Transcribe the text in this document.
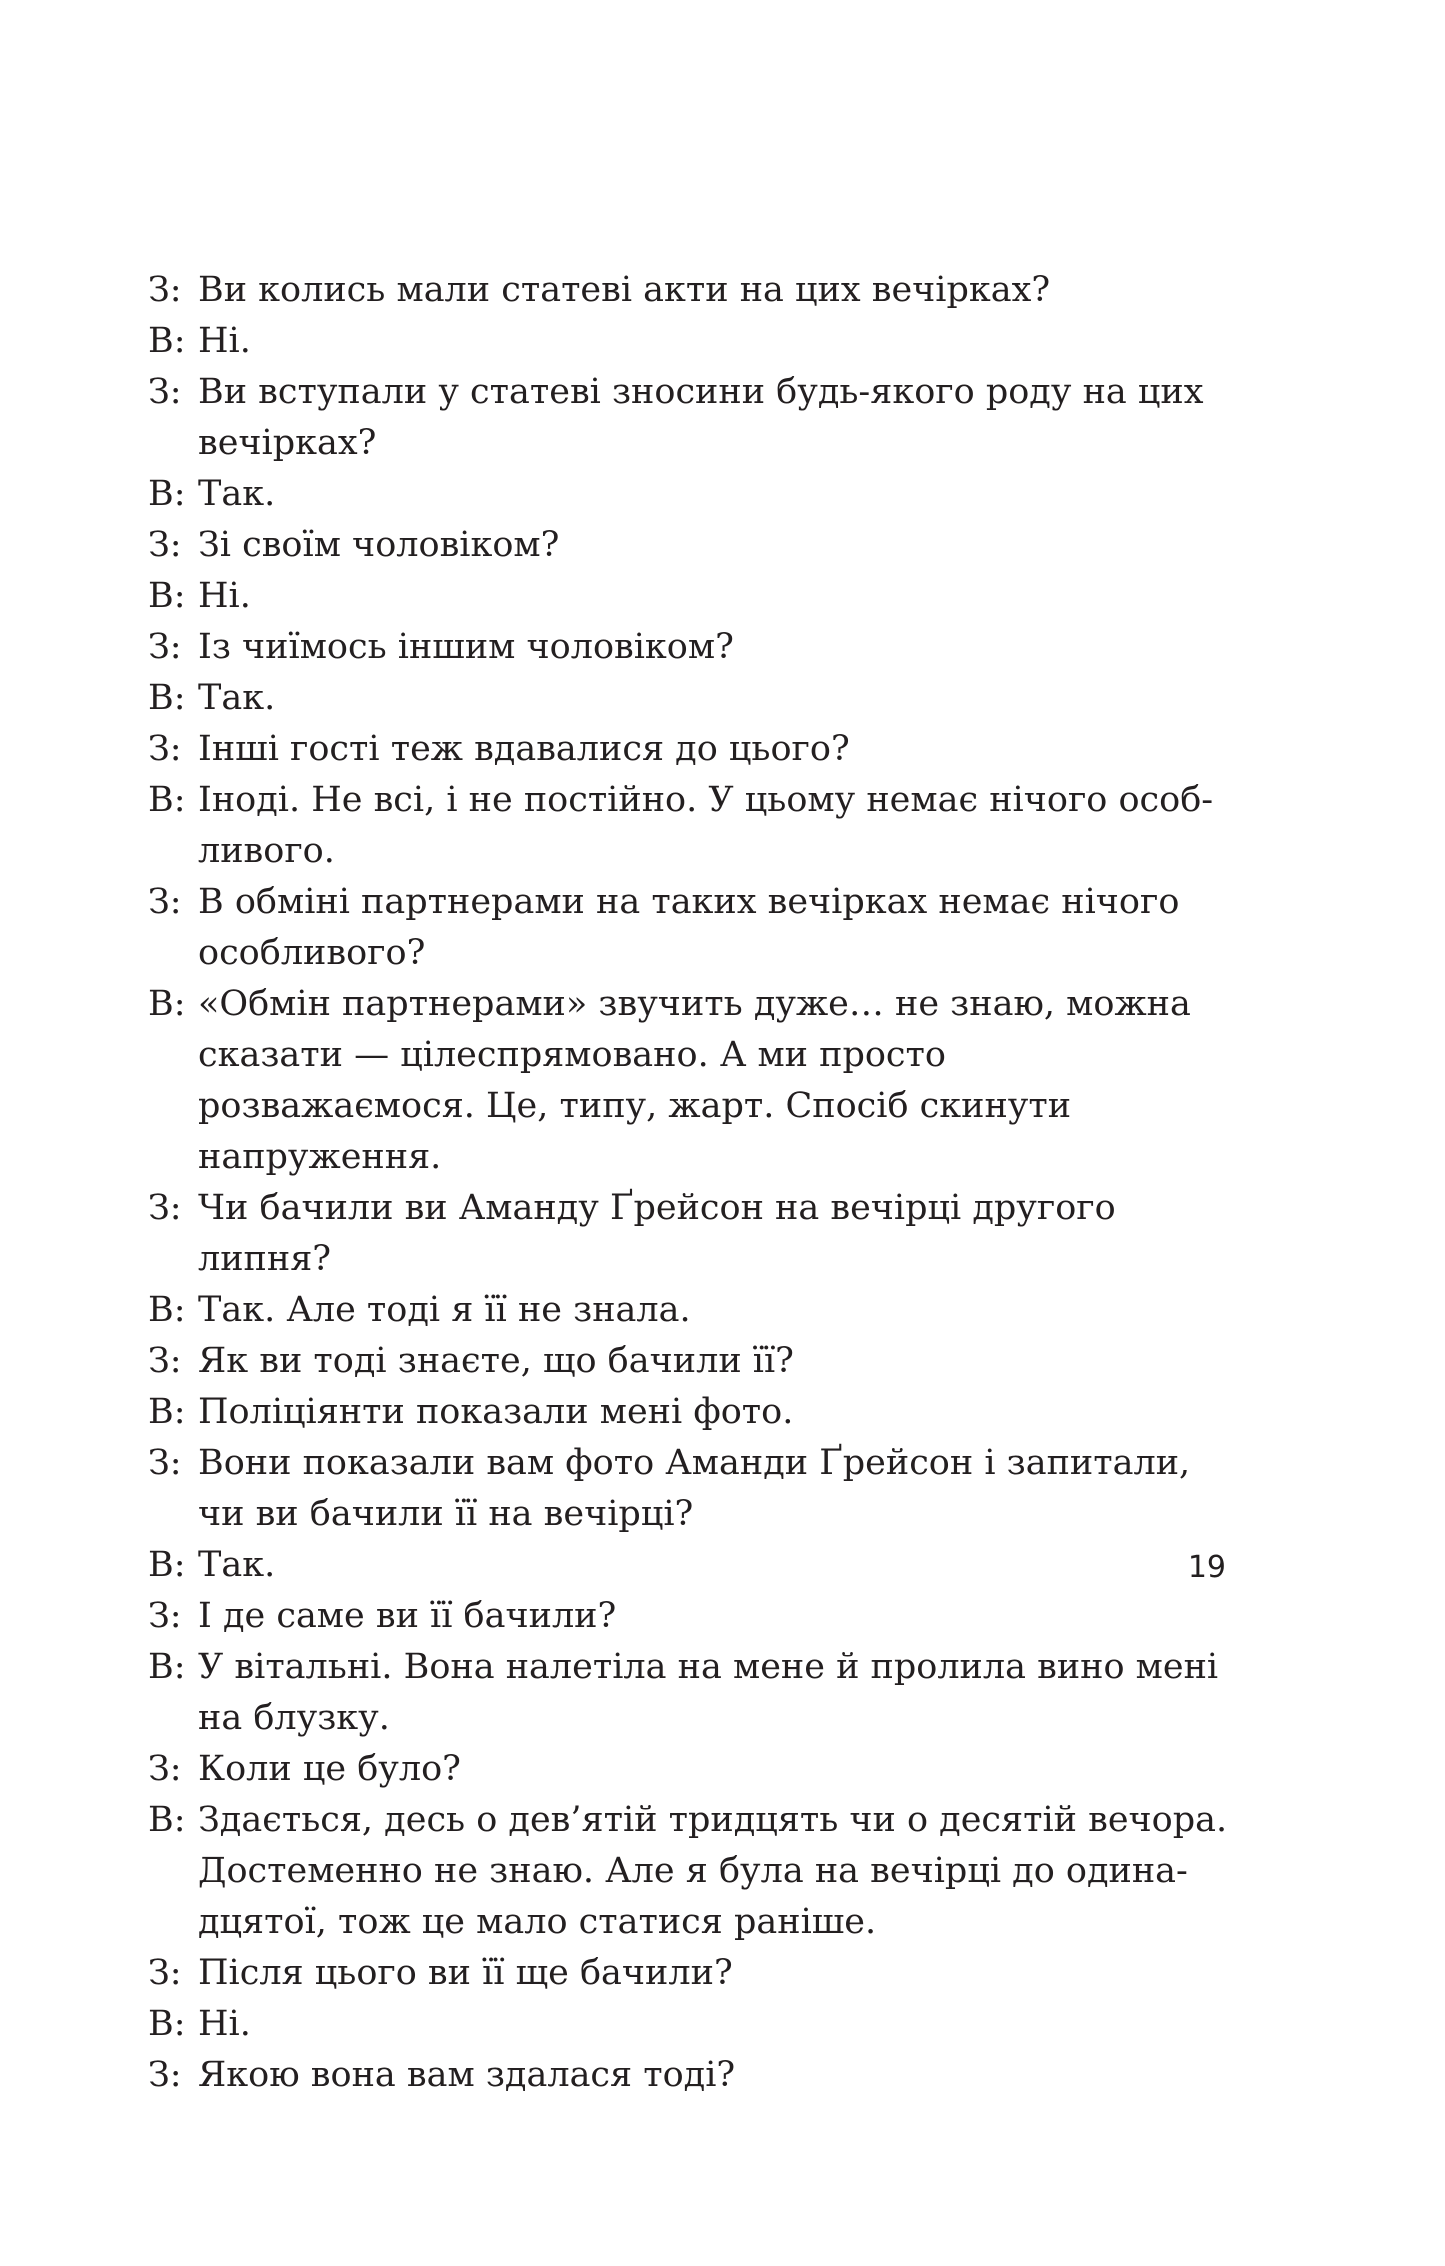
З: Ви колись мали статеві акти на цих вечірках?
В: Ні.
З: Ви вступали у статеві зносини будь-якого роду на цих вечірках?
В: Так.
З: Зі своїм чоловіком?
В: Ні.
З: Із чиїмось іншим чоловіком?
В: Так.
З: Інші гості теж вдавалися до цього?
В: Іноді. Не всі, і не постійно. У цьому немає нічого особливого.
З: В обміні партнерами на таких вечірках немає нічого особливого?
В: «Обмін партнерами» звучить дуже… не знаю, можна сказати — цілеспрямовано. А ми просто розважаємося. Це, типу, жарт. Спосіб скинути напруження.
З: Чи бачили ви Аманду Ґрейсон на вечірці другого липня?
В: Так. Але тоді я її не знала.
З: Як ви тоді знаєте, що бачили її?
В: Поліціянти показали мені фото.
З: Вони показали вам фото Аманди Ґрейсон і запитали, чи ви бачили її на вечірці?
В: Так.
З: І де саме ви її бачили?
В: У вітальні. Вона налетіла на мене й пролила вино мені на блузку.
З: Коли це було?
В: Здається, десь о дев’ятій тридцять чи о десятій вечора. Достеменно не знаю. Але я була на вечірці до одинадцятої, тож це мало статися раніше.
З: Після цього ви її ще бачили?
В: Ні.
З: Якою вона вам здалася тоді?
19
